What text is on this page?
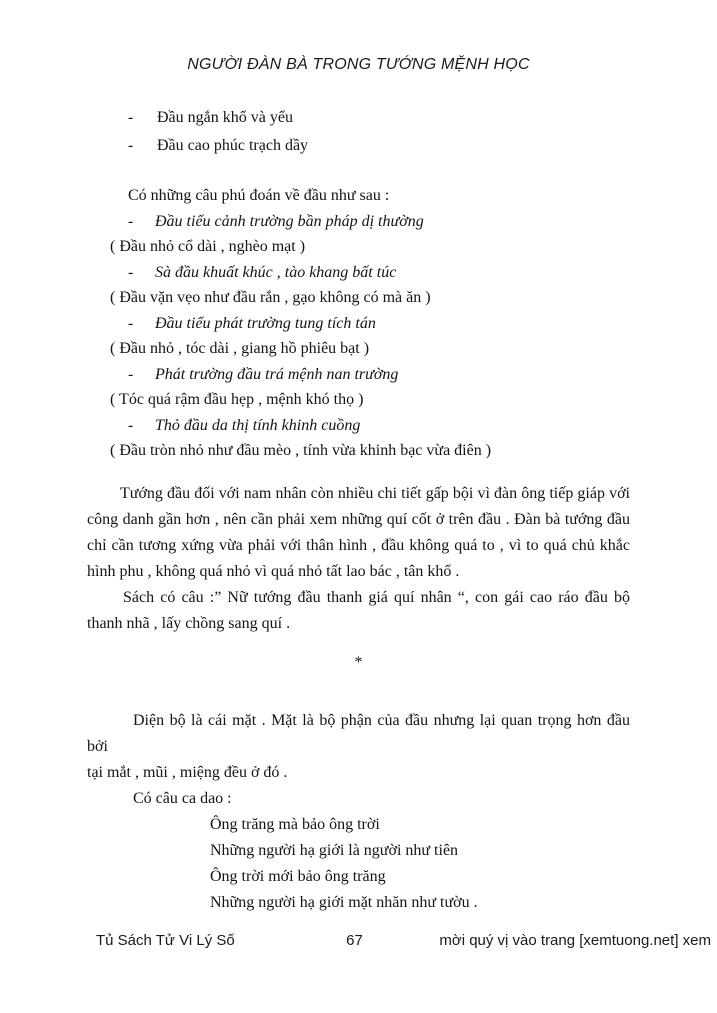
NGƯỜI ĐÀN BÀ TRONG TƯỚNG MỆNH HỌC
-	Đầu ngắn khổ và yểu
-	Đầu cao phúc trạch dầy
Có những câu phú đoán về đầu như sau :
-	Đầu tiểu cảnh trường bần pháp dị thường
( Đầu nhỏ cổ dài , nghèo mạt )
-	Sà đầu khuất khúc , tào khang bất túc
( Đầu vặn vẹo như đầu rắn , gạo không có mà ăn )
-	Đầu tiểu phát trường tung tích tán
( Đầu nhỏ , tóc dài , giang hồ phiêu bạt )
-	Phát trường đầu trá mệnh nan trường
( Tóc quá rậm đầu hẹp , mệnh khó thọ )
-	Thỏ đầu da thị tính khinh cuồng
( Đầu tròn nhỏ như đầu mèo , tính vừa khinh bạc vừa điên )
Tướng đầu đối với nam nhân còn nhiều chi tiết gấp bội vì đàn ông tiếp giáp với
công danh gần hơn , nên cần phải xem những quí cốt ở trên đầu . Đàn bà tướng đầu
chỉ cần tương xứng vừa phải với thân hình , đầu không quá to , vì to quá chủ khắc
hình phu , không quá nhỏ vì quá nhỏ tất lao bác , tân khổ .
Sách có câu :” Nữ tướng đầu thanh giá quí nhân “, con gái cao ráo đầu bộ
thanh nhã , lấy chồng sang quí .
*
Diện bộ là cái mặt . Mặt là bộ phận của đầu nhưng lại quan trọng hơn đầu bởi
tại mắt , mũi , miệng đều ở đó .
Có câu ca dao :
Ông trăng mà bảo ông trời
Những người hạ giới là người như tiên
Ông trời mới bảo ông trăng
Những người hạ giới mặt nhăn như tườu .
Tủ Sách Tử Vi Lý Số	67	mời quý vị vào trang [xemtuong.net] xem
